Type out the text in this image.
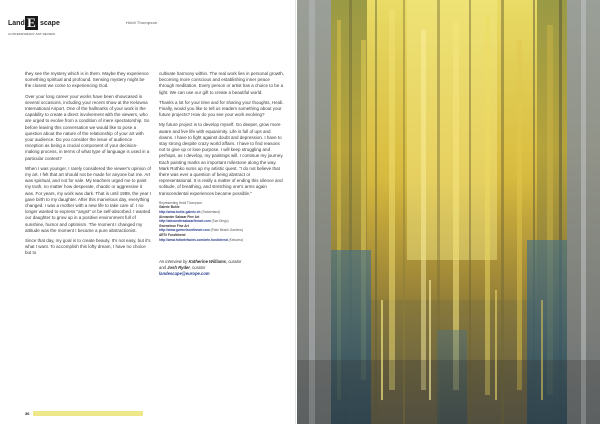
Land E scape
CONTEMPORARY ART REVIEW
Heidi Thompson

they see the mystery which is in them. Maybe they experience something spiritual and profound. Sensing mystery might be the closest we come to experiencing God.

Over your long career your works have been showcased in several occasions, including your recent show at the Kelowna International Airport. One of the hallmarks of your work is the capability to create a direct involvement with the viewers, who are urged to evolve from a condition of mere spectatorship. So before leaving this conversation we would like to pose a question about the nature of the relationship of your art with your audience. Do you consider the issue of audience reception as being a crucial component of your decision-making process, in terms of what type of language is used in a particular context?

When I was younger, I rarely considered the viewer's opinion of my art. I felt that art should not be made for anyone but me. Art was spiritual, and not for sale. My teachers urged me to paint my truth, no matter how desperate, chaotic or aggressive it was. For years, my work was dark. That is until 1989, the year I gave birth to my daughter. After this marvelous day, everything changed. I was a mother with a new life to take care of. I no longer wanted to express "angst" or be self-absorbed. I wanted our daughter to grow up in a positive environment full of sunshine, humor and optimism. The moment I changed my attitude was the moment I became a pure abstractionist.

Since that day, my goal is to create beauty. It's not easy, but it's what I want. To accomplish this lofty dream, I have no choice but to

cultivate harmony within. The real work lies in personal growth, becoming more conscious and establishing inner peace through meditation. Every person or artist has a choice to be a light. We can use our gift to create a beautiful world.

Thanks a lot for your time and for sharing your thoughts, Heidi. Finally, would you like to tell us readers something about your future projects? How do you see your work evolving?

My future project is to develop myself. Go deeper, grow more aware and live life with equanimity. Life is full of ups and downs. I have to fight against doubt and depression. I have to stay strong despite crazy world affairs. I have to find reasons not to give up or lose purpose. I will keep struggling and perhaps, as I develop, my paintings will. I continue my journey. Each painting marks an important milestone along the way. Mark Rothko sums up my artistic quest. "I do not believe that there was ever a question of being abstract or representational. It is really a matter of ending this silence and solitude, of breathing, and stretching one's arms again transcendental experiences became possible."

Representing Heidi Thompson
Galerie Buhle
http://www.buhle-galerie.ch (Switzerland)
Alexander Salazar Fine Art
http://alexandersalazarfineart.com (San Diego)
Gweneleon Fine Art
http://www.gwenelsonfineart.com (Palm Beach Gardens)
ARTe Fundidrend
http://www.fotiartefacies.com/arte-fundidrend (Kelowna)
An interview by Katherine Williams, curator
and Josh Ryder, curator
landescape@europe.com
36
